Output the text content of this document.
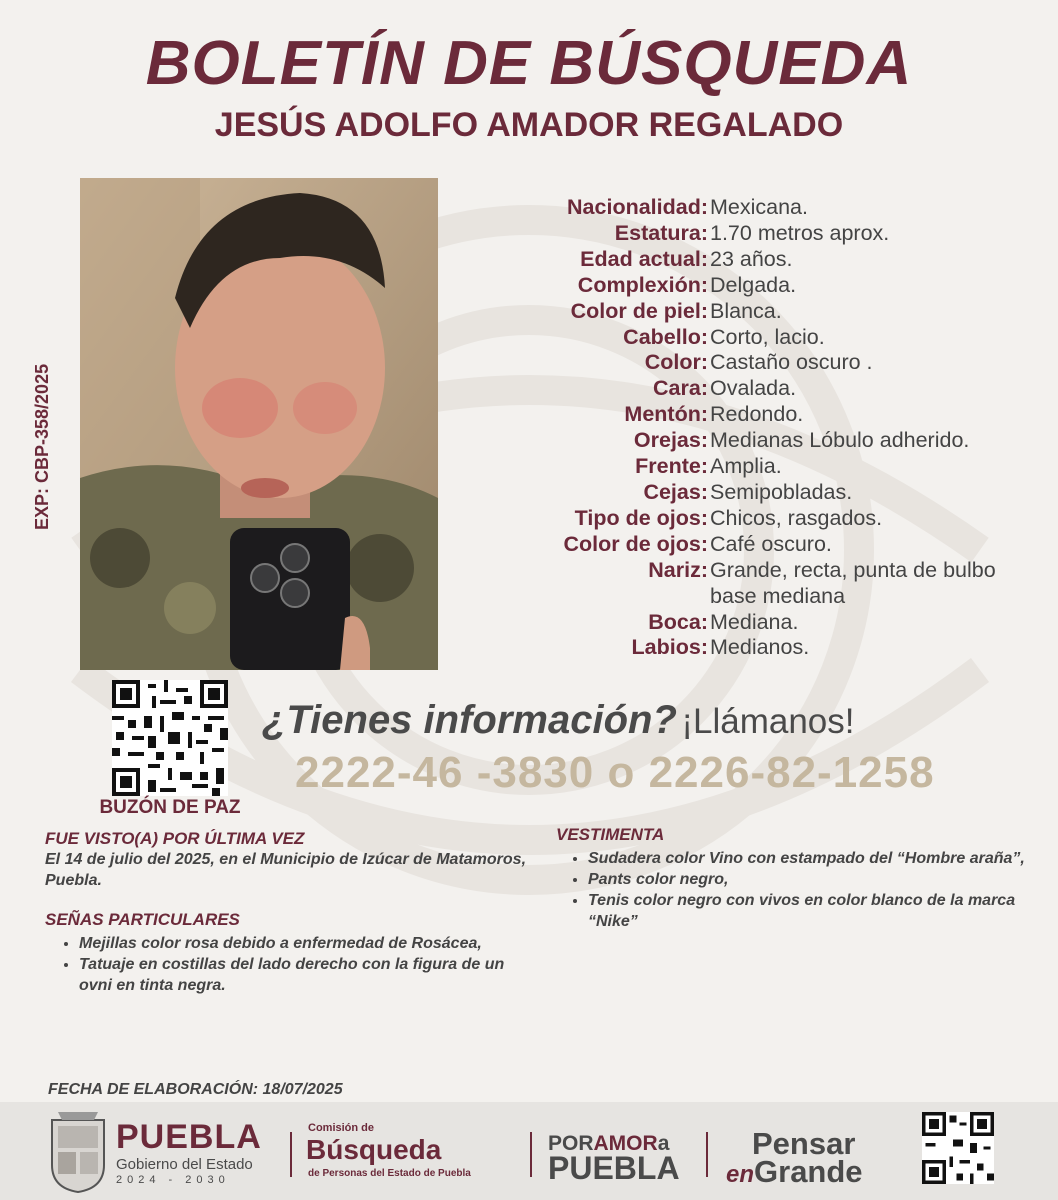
BOLETÍN DE BÚSQUEDA
JESÚS ADOLFO AMADOR REGALADO
EXP: CBP-358/2025
Nacionalidad: Mexicana.
Estatura: 1.70 metros aprox.
Edad actual: 23 años.
Complexión: Delgada.
Color de piel: Blanca.
Cabello: Corto, lacio.
Color: Castaño oscuro .
Cara: Ovalada.
Mentón: Redondo.
Orejas: Medianas Lóbulo adherido.
Frente: Amplia.
Cejas: Semipobladas.
Tipo de ojos: Chicos, rasgados.
Color de ojos: Café oscuro.
Nariz: Grande, recta, punta de bulbo
base mediana
Boca: Mediana.
Labios: Medianos.
BUZÓN DE PAZ
¿Tienes información? ¡Llámanos!
2222-46 -3830 o 2226-82-1258
FUE VISTO(A) POR ÚLTIMA VEZ
El 14 de julio del 2025, en el Municipio de Izúcar de Matamoros, Puebla.
SEÑAS PARTICULARES
• Mejillas color rosa debido a enfermedad de Rosácea,
• Tatuaje en costillas del lado derecho con la figura de un ovni en tinta negra.
VESTIMENTA
• Sudadera color Vino con estampado del “Hombre araña”,
• Pants color negro,
• Tenis color negro con vivos en color blanco de la marca “Nike”
FECHA DE ELABORACIÓN: 18/07/2025
PUEBLA
Gobierno del Estado
2024 - 2030
Comisión de
Búsqueda
de Personas del Estado de Puebla
PORAMORa
PUEBLA
Pensar
enGrande
